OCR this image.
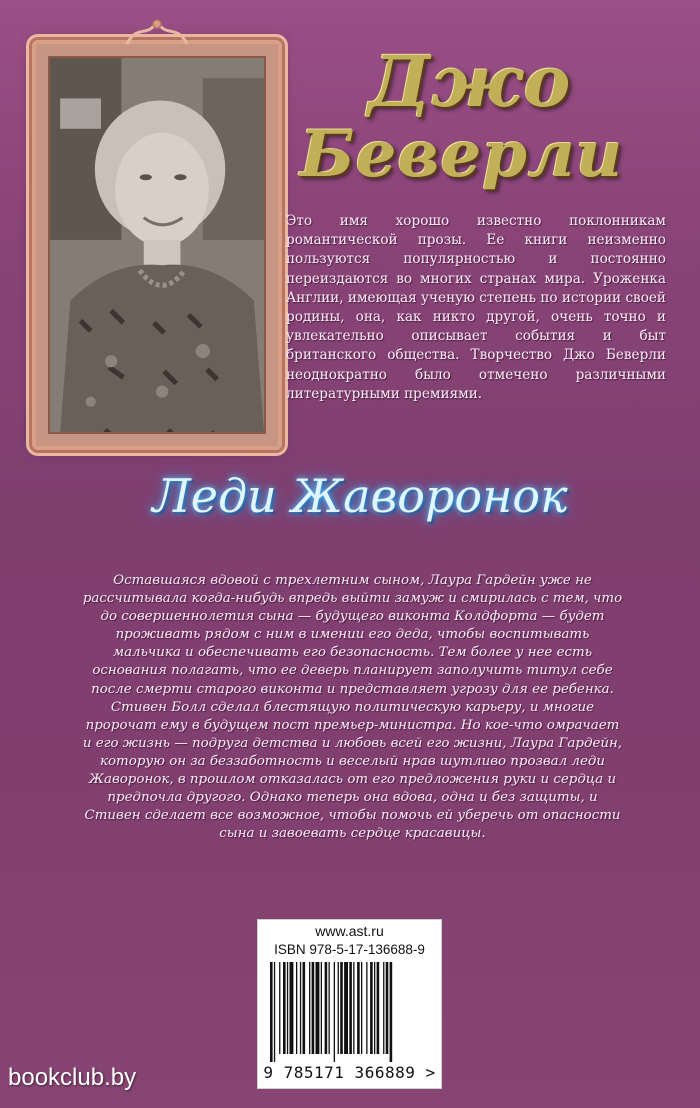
Джо
Беверли
Это имя хорошо известно поклонникам романтической прозы. Ее книги неизменно пользуются популярностью и постоянно переиздаются во многих странах мира. Уроженка Англии, имеющая ученую степень по истории своей родины, она, как никто другой, очень точно и увлекательно описывает события и быт британского общества. Творчество Джо Беверли неоднократно было отмечено различными литературными премиями.
Леди Жаворонок

Оставшаяся вдовой с трехлетним сыном, Лаура Гардейн уже не рассчитывала когда-нибудь впредь выйти замуж и смирилась с тем, что до совершеннолетия сына — будущего виконта Колдфорта — будет проживать рядом с ним в имении его деда, чтобы воспитывать мальчика и обеспечивать его безопасность. Тем более у нее есть основания полагать, что ее деверь планирует заполучить титул себе после смерти старого виконта и представляет угрозу для ее ребенка.

Стивен Болл сделал блестящую политическую карьеру, и многие пророчат ему в будущем пост премьер-министра. Но кое-что омрачает и его жизнь — подруга детства и любовь всей его жизни, Лаура Гардейн, которую он за беззаботность и веселый нрав шутливо прозвал леди Жаворонок, в прошлом отказалась от его предложения руки и сердца и предпочла другого. Однако теперь она вдова, одна и без защиты, и Стивен сделает все возможное, чтобы помочь ей уберечь от опасности сына и завоевать сердце красавицы.

www.ast.ru
ISBN 978-5-17-136688-9
9 785171 366889 >
bookclub.by
